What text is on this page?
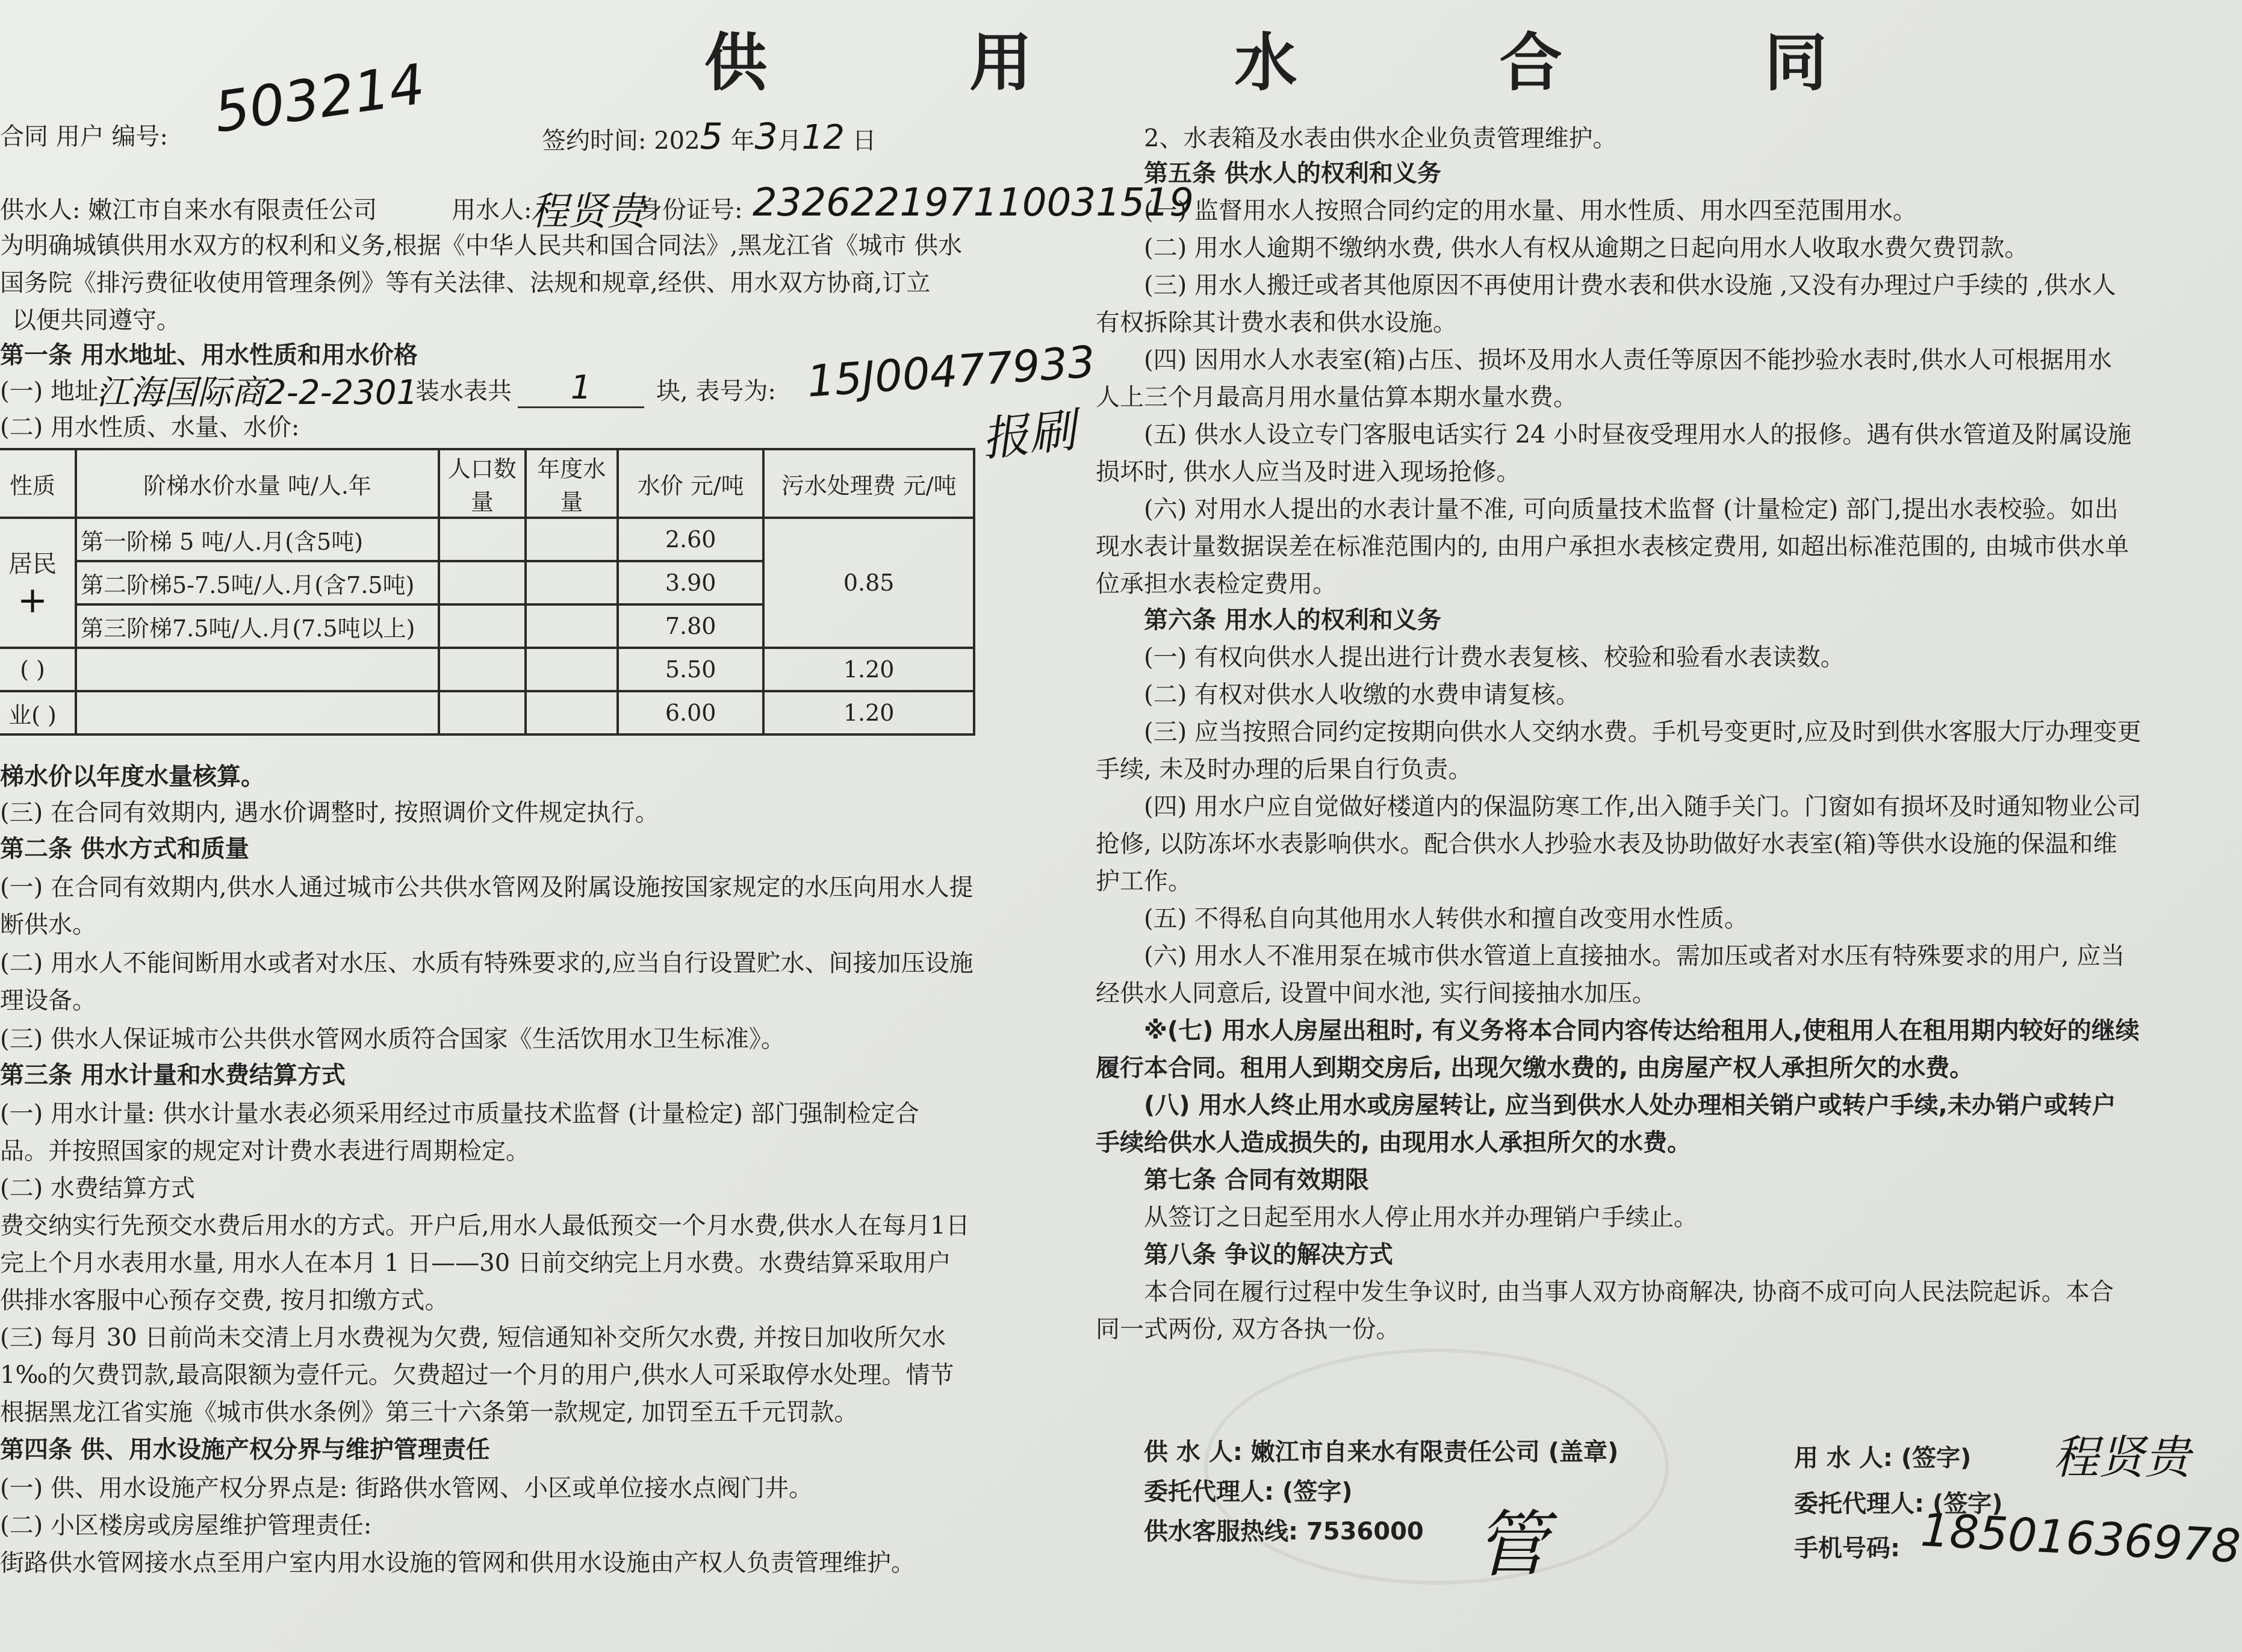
供 用 水 合 同
合同 用户 编号: 503214	签约时间: 2025 年3月12 日
供水人: 嫩江市自来水有限责任公司	用水人:
程贤贵
身份证号: 232622197110031519
为明确城镇供用水双方的权利和义务,根据《中华人民共和国合同法》,黑龙江省《城市 供水
国务院《排污费征收使用管理条例》等有关法律、法规和规章,经供、用水双方协商,订立
以便共同遵守。
第一条 用水地址、用水性质和用水价格
(一) 地址:
江海国际商2-2-2301
装水表共	1	块, 表号为: 15J00477933
报刷
(二) 用水性质、水量、水价:
性质	阶梯水价水量 吨/人.年	人口数量	年度水量	水价 元/吨	污水处理费 元/吨
居民
+	第一阶梯 5 吨/人.月(含5吨)			2.60	0.85
	第二阶梯5-7.5吨/人.月(含7.5吨)			3.90	
	第三阶梯7.5吨/人.月(7.5吨以上)			7.80	
( )				5.50	1.20
业( )				6.00	1.20
梯水价以年度水量核算。
(三) 在合同有效期内, 遇水价调整时, 按照调价文件规定执行。
第二条 供水方式和质量
(一) 在合同有效期内,供水人通过城市公共供水管网及附属设施按国家规定的水压向用水人提
断供水。
(二) 用水人不能间断用水或者对水压、水质有特殊要求的,应当自行设置贮水、间接加压设施
理设备。
(三) 供水人保证城市公共供水管网水质符合国家《生活饮用水卫生标准》。
第三条 用水计量和水费结算方式
(一) 用水计量: 供水计量水表必须采用经过市质量技术监督 (计量检定) 部门强制检定合
品。并按照国家的规定对计费水表进行周期检定。
(二) 水费结算方式
费交纳实行先预交水费后用水的方式。开户后,用水人最低预交一个月水费,供水人在每月1日
完上个月水表用水量, 用水人在本月 1 日——30 日前交纳完上月水费。水费结算采取用户
供排水客服中心预存交费, 按月扣缴方式。
(三) 每月 30 日前尚未交清上月水费视为欠费, 短信通知补交所欠水费, 并按日加收所欠水
1‰的欠费罚款,最高限额为壹仟元。欠费超过一个月的用户,供水人可采取停水处理。情节
根据黑龙江省实施《城市供水条例》第三十六条第一款规定, 加罚至五千元罚款。
第四条 供、用水设施产权分界与维护管理责任
(一) 供、用水设施产权分界点是: 街路供水管网、小区或单位接水点阀门井。
(二) 小区楼房或房屋维护管理责任:
街路供水管网接水点至用户室内用水设施的管网和供用水设施由产权人负责管理维护。
2、水表箱及水表由供水企业负责管理维护。
第五条 供水人的权利和义务
(一) 监督用水人按照合同约定的用水量、用水性质、用水四至范围用水。
(二) 用水人逾期不缴纳水费, 供水人有权从逾期之日起向用水人收取水费欠费罚款。
(三) 用水人搬迁或者其他原因不再使用计费水表和供水设施 ,又没有办理过户手续的 ,供水人
有权拆除其计费水表和供水设施。
(四) 因用水人水表室(箱)占压、损坏及用水人责任等原因不能抄验水表时,供水人可根据用水
人上三个月最高月用水量估算本期水量水费。
(五) 供水人设立专门客服电话实行 24 小时昼夜受理用水人的报修。遇有供水管道及附属设施
损坏时, 供水人应当及时进入现场抢修。
(六) 对用水人提出的水表计量不准, 可向质量技术监督 (计量检定) 部门,提出水表校验。如出
现水表计量数据误差在标准范围内的, 由用户承担水表核定费用, 如超出标准范围的, 由城市供水单
位承担水表检定费用。
第六条 用水人的权利和义务
(一) 有权向供水人提出进行计费水表复核、校验和验看水表读数。
(二) 有权对供水人收缴的水费申请复核。
(三) 应当按照合同约定按期向供水人交纳水费。手机号变更时,应及时到供水客服大厅办理变更
手续, 未及时办理的后果自行负责。
(四) 用水户应自觉做好楼道内的保温防寒工作,出入随手关门。门窗如有损坏及时通知物业公司
抢修, 以防冻坏水表影响供水。配合供水人抄验水表及协助做好水表室(箱)等供水设施的保温和维
护工作。
(五) 不得私自向其他用水人转供水和擅自改变用水性质。
(六) 用水人不准用泵在城市供水管道上直接抽水。需加压或者对水压有特殊要求的用户, 应当
经供水人同意后, 设置中间水池, 实行间接抽水加压。
※(七) 用水人房屋出租时, 有义务将本合同内容传达给租用人,使租用人在租用期内较好的继续
履行本合同。租用人到期交房后, 出现欠缴水费的, 由房屋产权人承担所欠的水费。
(八) 用水人终止用水或房屋转让, 应当到供水人处办理相关销户或转户手续,未办销户或转户
手续给供水人造成损失的, 由现用水人承担所欠的水费。
第七条 合同有效期限
从签订之日起至用水人停止用水并办理销户手续止。
第八条 争议的解决方式
本合同在履行过程中发生争议时, 由当事人双方协商解决, 协商不成可向人民法院起诉。本合
同一式两份, 双方各执一份。
供 水 人: 嫩江市自来水有限责任公司 (盖章)
委托代理人: (签字)
供水客服热线: 7536000 管
用 水 人: (签字) 程贤贵
委托代理人: (签字)
手机号码: 18501636978
